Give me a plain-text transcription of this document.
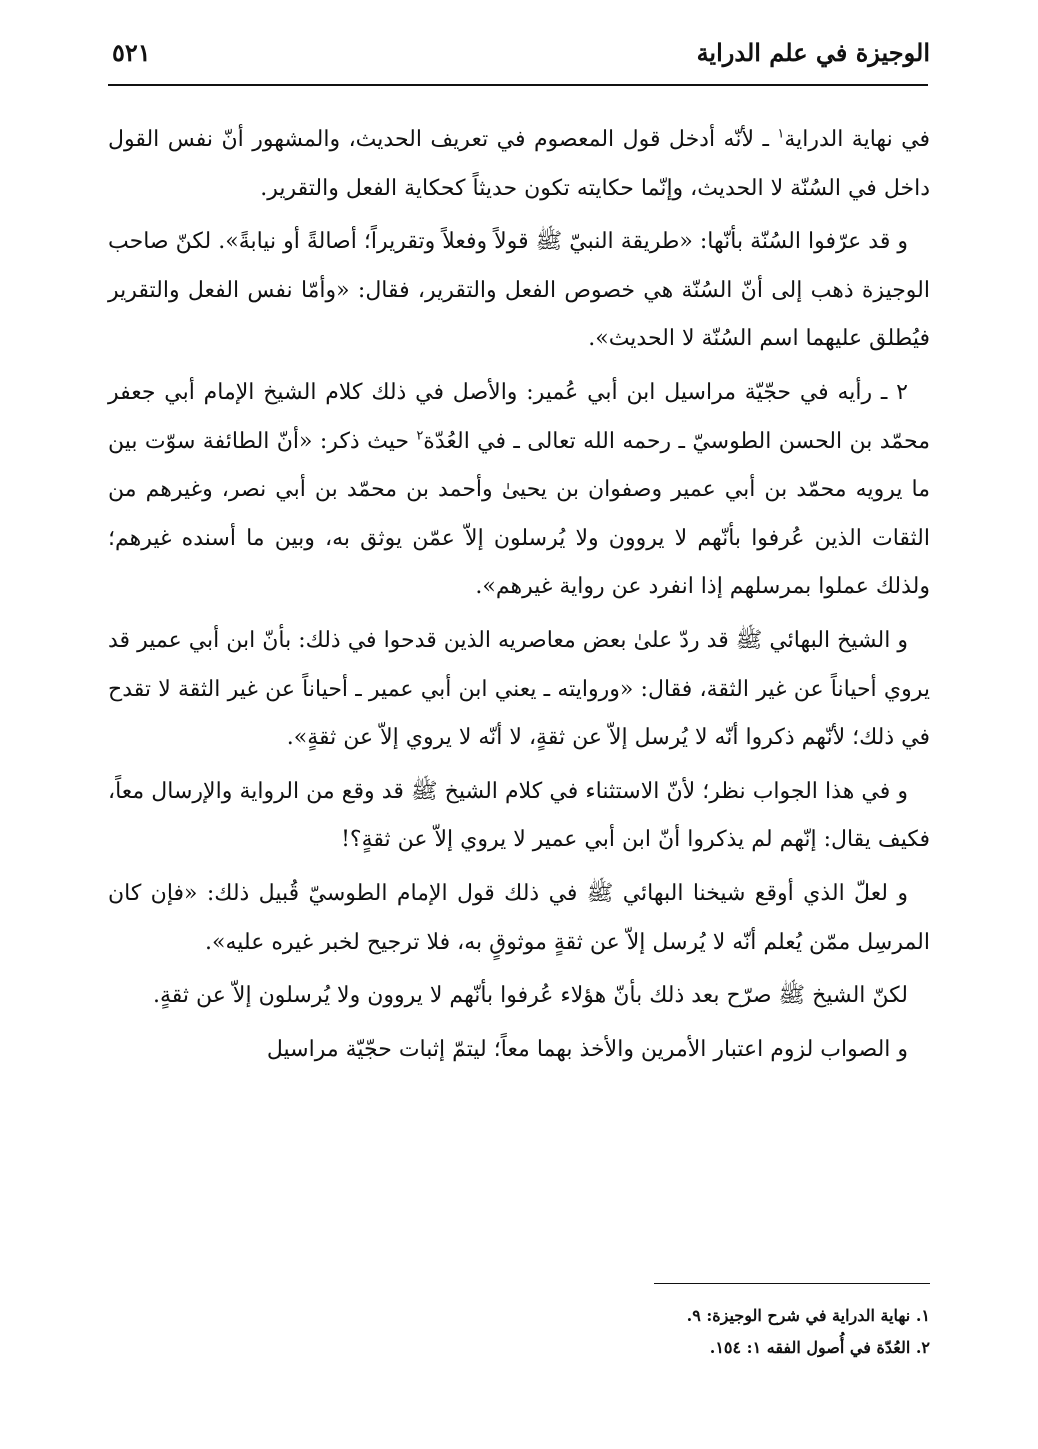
الوجيزة في علم الدراية
٥٢١

في نهاية الدراية$^١$ ـ لأنّه أدخل قول المعصوم في تعريف الحديث، والمشهور أنّ نفس القول داخل في السُنّة لا الحديث، وإنّما حكايته تكون حديثاً كحكاية الفعل والتقرير.

و قد عرّفوا السُنّة بأنّها: «طريقة النبيّ ﷺ قولاً وفعلاً وتقريراً؛ أصالةً أو نيابةً». لكنّ صاحب الوجيزة ذهب إلى أنّ السُنّة هي خصوص الفعل والتقرير، فقال: «وأمّا نفس الفعل والتقرير فيُطلق عليهما اسم السُنّة لا الحديث».

٢ ـ رأيه في حجّيّة مراسيل ابن أبي عُمير: والأصل في ذلك كلام الشيخ الإمام أبي جعفر محمّد بن الحسن الطوسيّ ـ رحمه الله تعالى ـ في العُدّة$^٢$ حيث ذكر: «أنّ الطائفة سوّت بين ما يرويه محمّد بن أبي عمير وصفوان بن يحيىٰ وأحمد بن محمّد بن أبي نصر، وغيرهم من الثقات الذين عُرفوا بأنّهم لا يروون ولا يُرسلون إلاّ عمّن يوثق به، وبين ما أسنده غيرهم؛ ولذلك عملوا بمرسلهم إذا انفرد عن رواية غيرهم».

و الشيخ البهائي ﷺ قد ردّ علىٰ بعض معاصريه الذين قدحوا في ذلك: بأنّ ابن أبي عمير قد يروي أحياناً عن غير الثقة، فقال: «وروايته ـ يعني ابن أبي عمير ـ أحياناً عن غير الثقة لا تقدح في ذلك؛ لأنّهم ذكروا أنّه لا يُرسل إلاّ عن ثقةٍ، لا أنّه لا يروي إلاّ عن ثقةٍ».

و في هذا الجواب نظر؛ لأنّ الاستثناء في كلام الشيخ ﷺ قد وقع من الرواية والإرسال معاً، فكيف يقال: إنّهم لم يذكروا أنّ ابن أبي عمير لا يروي إلاّ عن ثقةٍ؟!

و لعلّ الذي أوقع شيخنا البهائي ﷺ في ذلك قول الإمام الطوسيّ قُبيل ذلك: «فإن كان المرسِل ممّن يُعلم أنّه لا يُرسل إلاّ عن ثقةٍ موثوقٍ به، فلا ترجيح لخبر غيره عليه».

لكنّ الشيخ ﷺ صرّح بعد ذلك بأنّ هؤلاء عُرفوا بأنّهم لا يروون ولا يُرسلون إلاّ عن ثقةٍ.

و الصواب لزوم اعتبار الأمرين والأخذ بهما معاً؛ ليتمّ إثبات حجّيّة مراسيل

١. نهاية الدراية في شرح الوجيزة: ٩.
٢. العُدّة في أُصول الفقه ١: ١٥٤.
